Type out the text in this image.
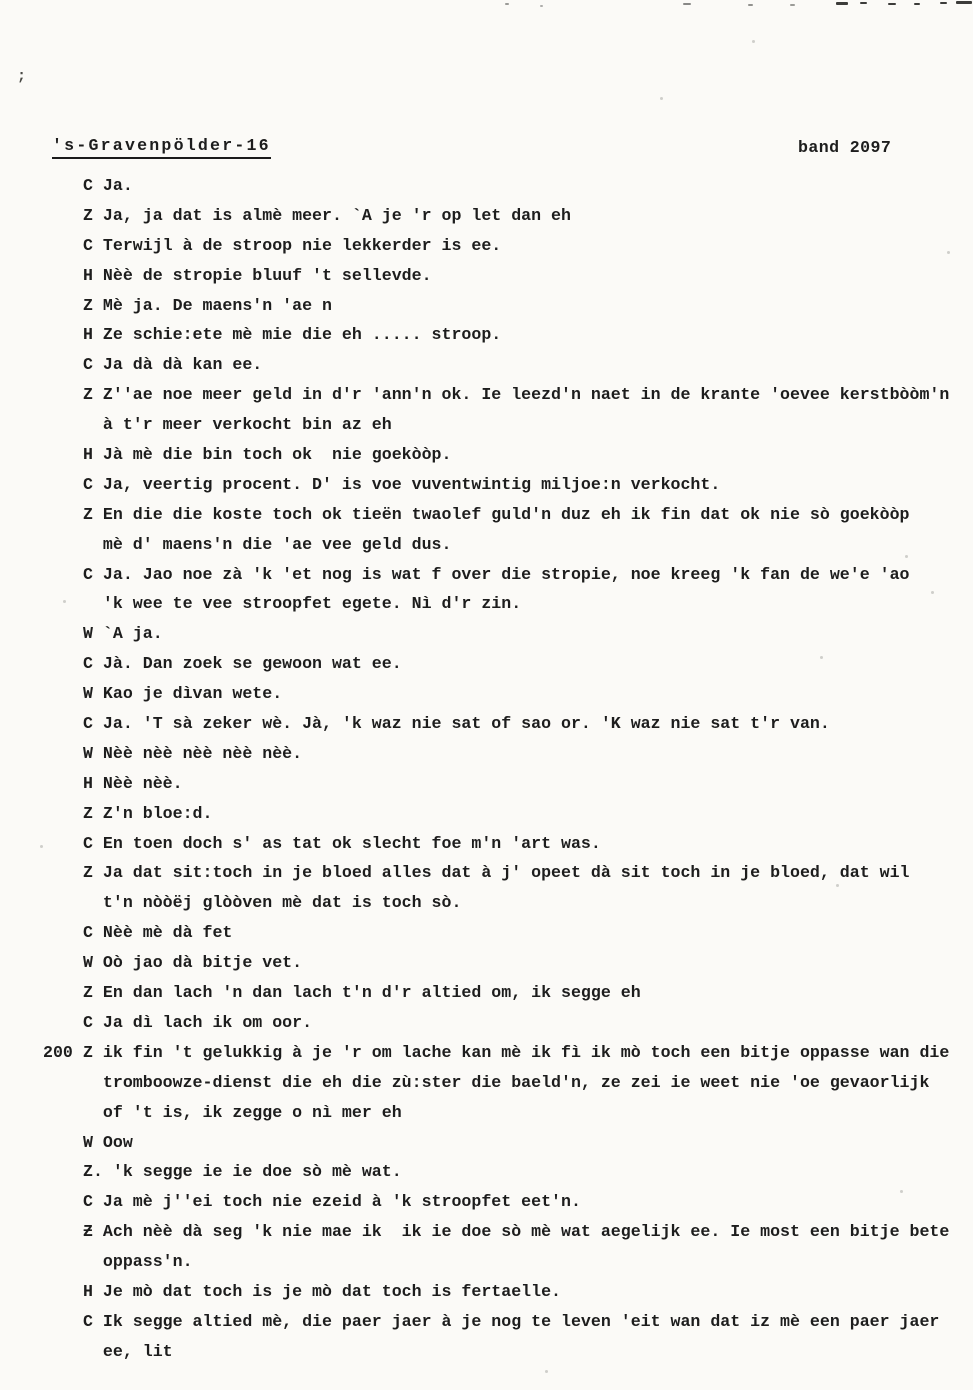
;
's-Gravenpölder-16	band 2097
C Ja.
Z Ja, ja dat is almè meer. `A je 'r op let dan eh
C Terwijl à de stroop nie lekkerder is ee.
H Nèè de stropie bluuf 't sellevde.
Z Mè ja. De maens'n 'ae n
H Ze schie:ete mè mie die eh ..... stroop.
C Ja dà dà kan ee.
Z Z''ae noe meer geld in d'r 'ann'n ok. Ie leezd'n naet in de krante 'oevee kerstbòòm'n
à t'r meer verkocht bin az eh
H Jà mè die bin toch ok  nie goekòòp.
C Ja, veertig procent. D' is voe vuventwintig miljoe:n verkocht.
Z En die die koste toch ok tieën twaolef guld'n duz eh ik fin dat ok nie sò goekòòp
mè d' maens'n die 'ae vee geld dus.
C Ja. Jao noe zà 'k 'et nog is wat f over die stropie, noe kreeg 'k fan de we'e 'ao
'k wee te vee stroopfet egete. Nì d'r zin.
W `A ja.
C Jà. Dan zoek se gewoon wat ee.
W Kao je dìvan wete.
C Ja. 'T sà zeker wè. Jà, 'k waz nie sat of sao or. 'K waz nie sat t'r van.
W Nèè nèè nèè nèè nèè.
H Nèè nèè.
Z Z'n bloe:d.
C En toen doch s' as tat ok slecht foe m'n 'art was.
Z Ja dat sit:toch in je bloed alles dat à j' opeet dà sit toch in je bloed, dat wil
t'n nòòëj glòòven mè dat is toch sò.
C Nèè mè dà fet
W Oò jao dà bitje vet.
Z En dan lach 'n dan lach t'n d'r altied om, ik segge eh
C Ja dì lach ik om oor.
200 Z ik fin 't gelukkig à je 'r om lache kan mè ik fì ik mò toch een bitje oppasse wan die
tromboowze-dienst die eh die zù:ster die baeld'n, ze zei ie weet nie 'oe gevaorlijk
of 't is, ik zegge o nì mer eh
W Oow
Z. 'k segge ie ie doe sò mè wat.
C Ja mè j''ei toch nie ezeid à 'k stroopfet eet'n.
Ƶ Ach nèè dà seg 'k nie mae ik  ik ie doe sò mè wat aegelijk ee. Ie most een bitje bete
oppass'n.
H Je mò dat toch is je mò dat toch is fertaelle.
C Ik segge altied mè, die paer jaer à je nog te leven 'eit wan dat iz mè een paer jaer
ee, lit
